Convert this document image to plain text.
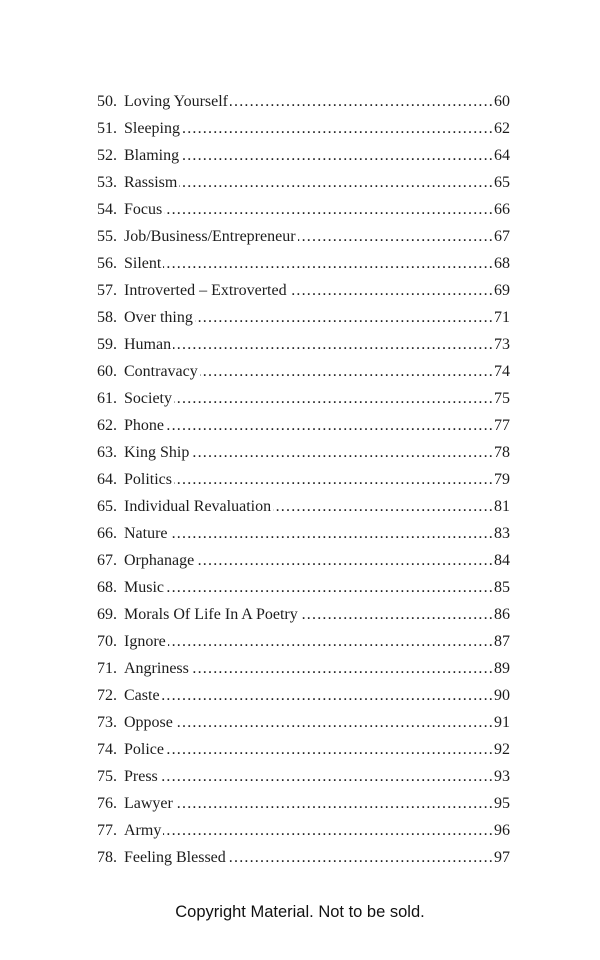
50. Loving Yourself .....	60
51. Sleeping .....	62
52. Blaming .....	64
53. Rassism .....	65
54. Focus .....	66
55. Job/Business/Entrepreneur .....	67
56. Silent .....	68
57. Introverted – Extroverted .....	69
58. Over thing .....	71
59. Human .....	73
60. Contravacy .....	74
61. Society .....	75
62. Phone .....	77
63. King Ship .....	78
64. Politics .....	79
65. Individual Revaluation .....	81
66. Nature .....	83
67. Orphanage .....	84
68. Music .....	85
69. Morals Of Life In A Poetry .....	86
70. Ignore .....	87
71. Angriness .....	89
72. Caste .....	90
73. Oppose .....	91
74. Police .....	92
75. Press .....	93
76. Lawyer .....	95
77. Army .....	96
78. Feeling Blessed .....	97
Copyright Material. Not to be sold.
